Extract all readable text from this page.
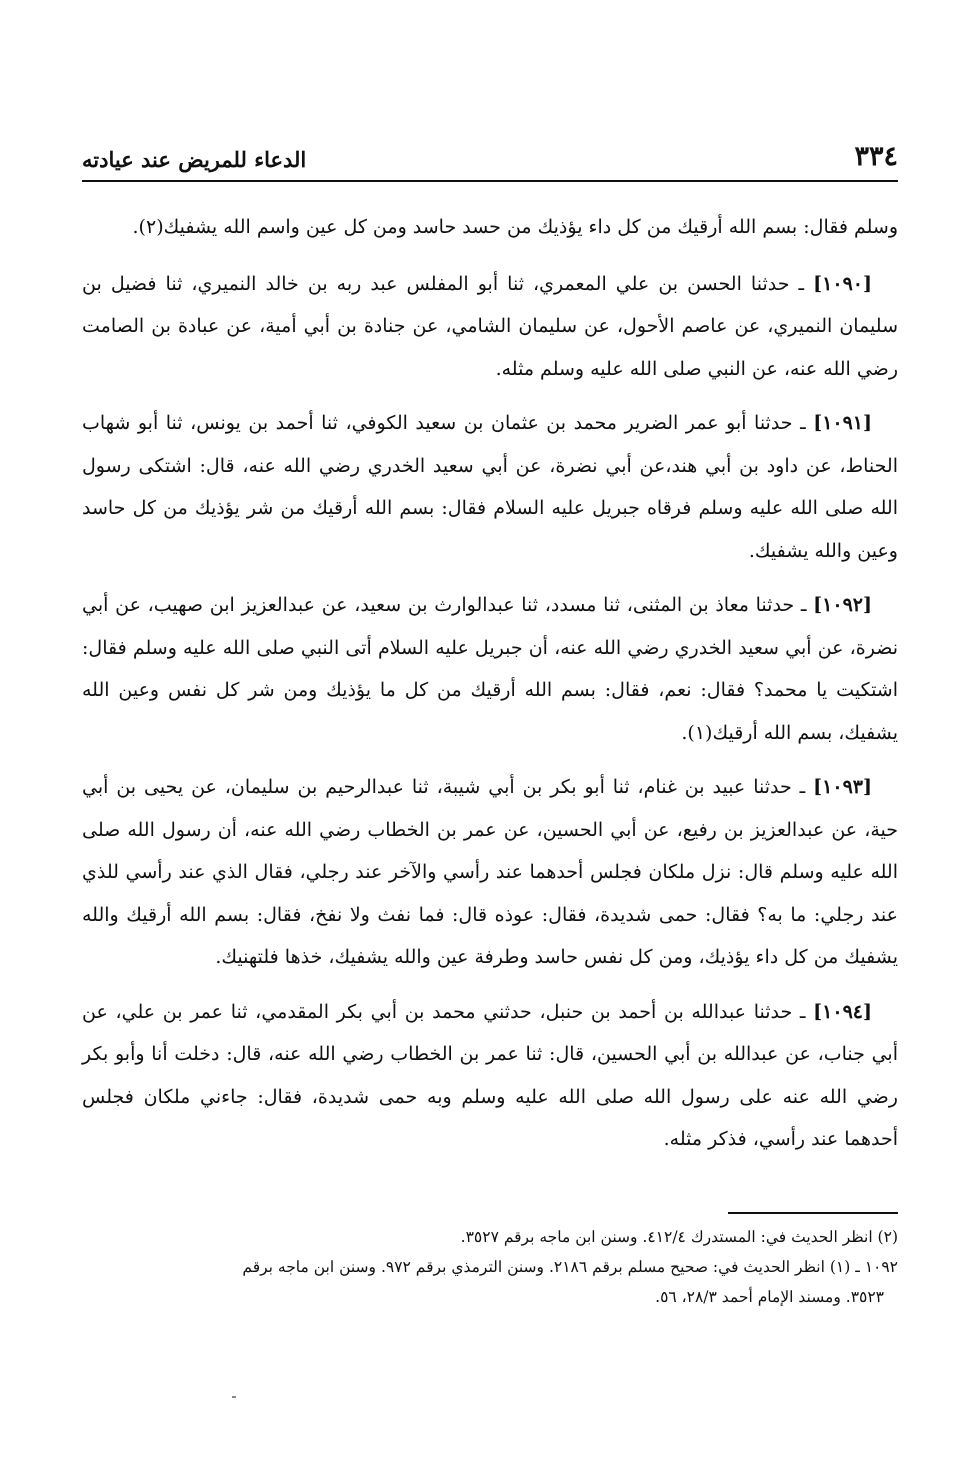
٣٣٤
الدعاء للمريض عند عيادته

وسلم فقال: بسم الله أرقيك من كل داء يؤذيك من حسد حاسد ومن كل عين واسم الله يشفيك(٢).

[١٠٩٠] ـ حدثنا الحسن بن علي المعمري، ثنا أبو المفلس عبد ربه بن خالد النميري، ثنا فضيل بن سليمان النميري، عن عاصم الأحول، عن سليمان الشامي، عن جنادة بن أبي أمية، عن عبادة بن الصامت رضي الله عنه، عن النبي صلى الله عليه وسلم مثله.

[١٠٩١] ـ حدثنا أبو عمر الضرير محمد بن عثمان بن سعيد الكوفي، ثنا أحمد بن يونس، ثنا أبو شهاب الحناط، عن داود بن أبي هند،عن أبي نضرة، عن أبي سعيد الخدري رضي الله عنه، قال: اشتكى رسول الله صلى الله عليه وسلم فرقاه جبريل عليه السلام فقال: بسم الله أرقيك من شر يؤذيك من كل حاسد وعين والله يشفيك.

[١٠٩٢] ـ حدثنا معاذ بن المثنى، ثنا مسدد، ثنا عبدالوارث بن سعيد، عن عبدالعزيز ابن صهيب، عن أبي نضرة، عن أبي سعيد الخدري رضي الله عنه، أن جبريل عليه السلام أتى النبي صلى الله عليه وسلم فقال: اشتكيت يا محمد؟ فقال: نعم، فقال: بسم الله أرقيك من كل ما يؤذيك ومن شر كل نفس وعين الله يشفيك، بسم الله أرقيك(١).

[١٠٩٣] ـ حدثنا عبيد بن غنام، ثنا أبو بكر بن أبي شيبة، ثنا عبدالرحيم بن سليمان، عن يحيى بن أبي حية، عن عبدالعزيز بن رفيع، عن أبي الحسين، عن عمر بن الخطاب رضي الله عنه، أن رسول الله صلى الله عليه وسلم قال: نزل ملكان فجلس أحدهما عند رأسي والآخر عند رجلي، فقال الذي عند رأسي للذي عند رجلي: ما به؟ فقال: حمى شديدة، فقال: عوذه قال: فما نفث ولا نفخ، فقال: بسم الله أرقيك والله يشفيك من كل داء يؤذيك، ومن كل نفس حاسد وطرفة عين والله يشفيك، خذها فلتهنيك.

[١٠٩٤] ـ حدثنا عبدالله بن أحمد بن حنبل، حدثني محمد بن أبي بكر المقدمي، ثنا عمر بن علي، عن أبي جناب، عن عبدالله بن أبي الحسين، قال: ثنا عمر بن الخطاب رضي الله عنه، قال: دخلت أنا وأبو بكر رضي الله عنه على رسول الله صلى الله عليه وسلم وبه حمى شديدة، فقال: جاءني ملكان فجلس أحدهما عند رأسي، فذكر مثله.

(٢) انظر الحديث في: المستدرك ٤١٢/٤. وسنن ابن ماجه برقم ٣٥٢٧.

١٠٩٢ ـ (١) انظر الحديث في: صحيح مسلم برقم ٢١٨٦. وسنن الترمذي برقم ٩٧٢. وسنن ابن ماجه برقم

٣٥٢٣. ومسند الإمام أحمد ٢٨/٣، ٥٦.
